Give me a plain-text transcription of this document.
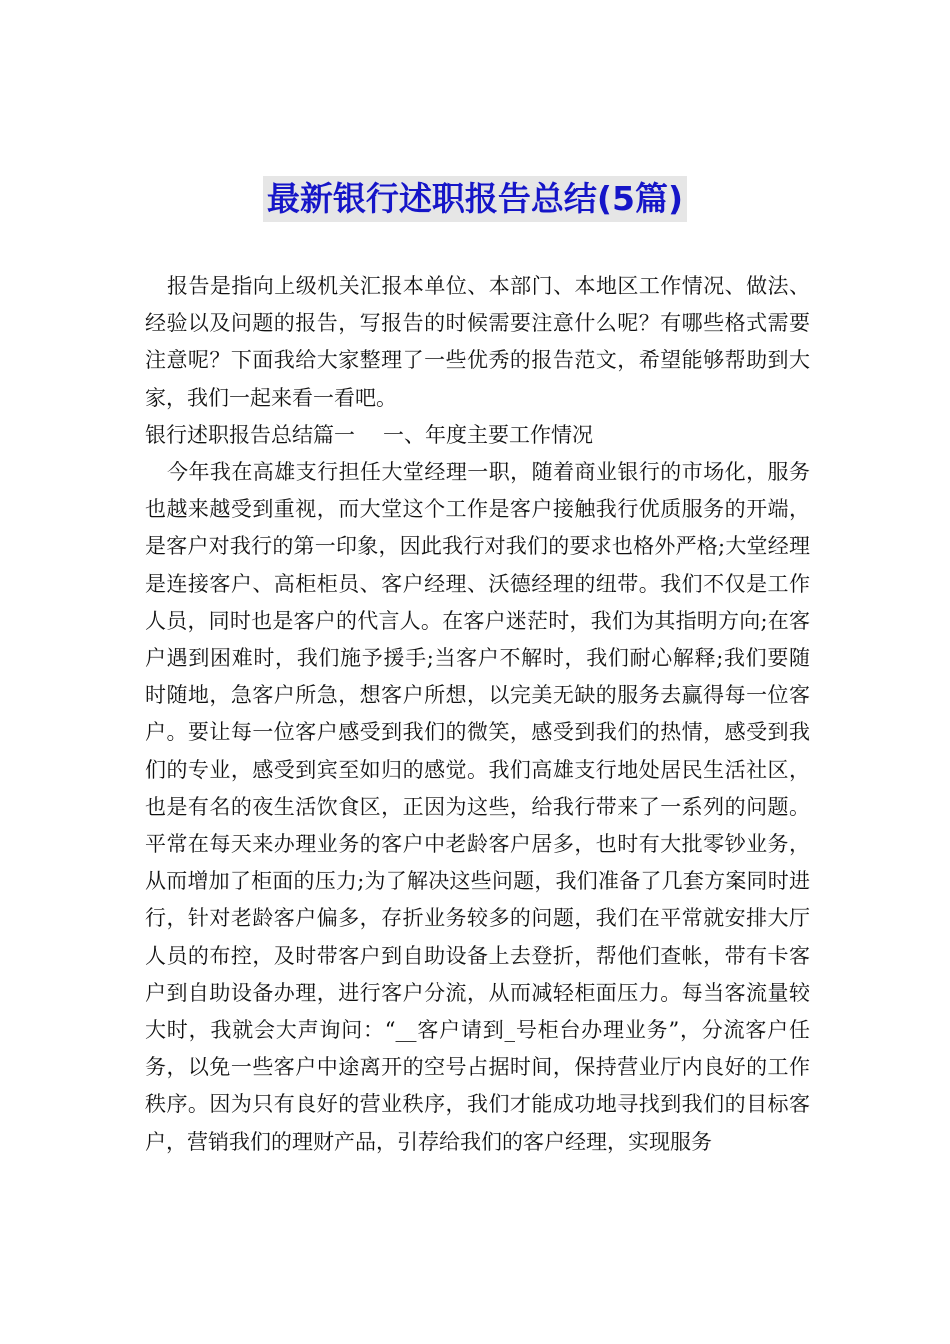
最新银行述职报告总结(5篇)

报告是指向上级机关汇报本单位、本部门、本地区工作情况、做法、经验以及问题的报告，写报告的时候需要注意什么呢？有哪些格式需要注意呢？下面我给大家整理了一些优秀的报告范文，希望能够帮助到大家，我们一起来看一看吧。

银行述职报告总结篇一 一、年度主要工作情况

今年我在高雄支行担任大堂经理一职，随着商业银行的市场化，服务也越来越受到重视，而大堂这个工作是客户接触我行优质服务的开端，是客户对我行的第一印象，因此我行对我们的要求也格外严格;大堂经理是连接客户、高柜柜员、客户经理、沃德经理的纽带。我们不仅是工作人员，同时也是客户的代言人。在客户迷茫时，我们为其指明方向;在客户遇到困难时，我们施予援手;当客户不解时，我们耐心解释;我们要随时随地，急客户所急，想客户所想，以完美无缺的服务去赢得每一位客户。要让每一位客户感受到我们的微笑，感受到我们的热情，感受到我们的专业，感受到宾至如归的感觉。我们高雄支行地处居民生活社区，也是有名的夜生活饮食区，正因为这些，给我行带来了一系列的问题。平常在每天来办理业务的客户中老龄客户居多，也时有大批零钞业务，从而增加了柜面的压力;为了解决这些问题，我们准备了几套方案同时进行，针对老龄客户偏多，存折业务较多的问题，我们在平常就安排大厅人员的布控，及时带客户到自助设备上去登折，帮他们查帐，带有卡客户到自助设备办理，进行客户分流，从而减轻柜面压力。每当客流量较大时，我就会大声询问：“__客户请到_号柜台办理业务”，分流客户任务，以免一些客户中途离开的空号占据时间，保持营业厅内良好的工作秩序。因为只有良好的营业秩序，我们才能成功地寻找到我们的目标客户，营销我们的理财产品，引荐给我们的客户经理，实现服务
